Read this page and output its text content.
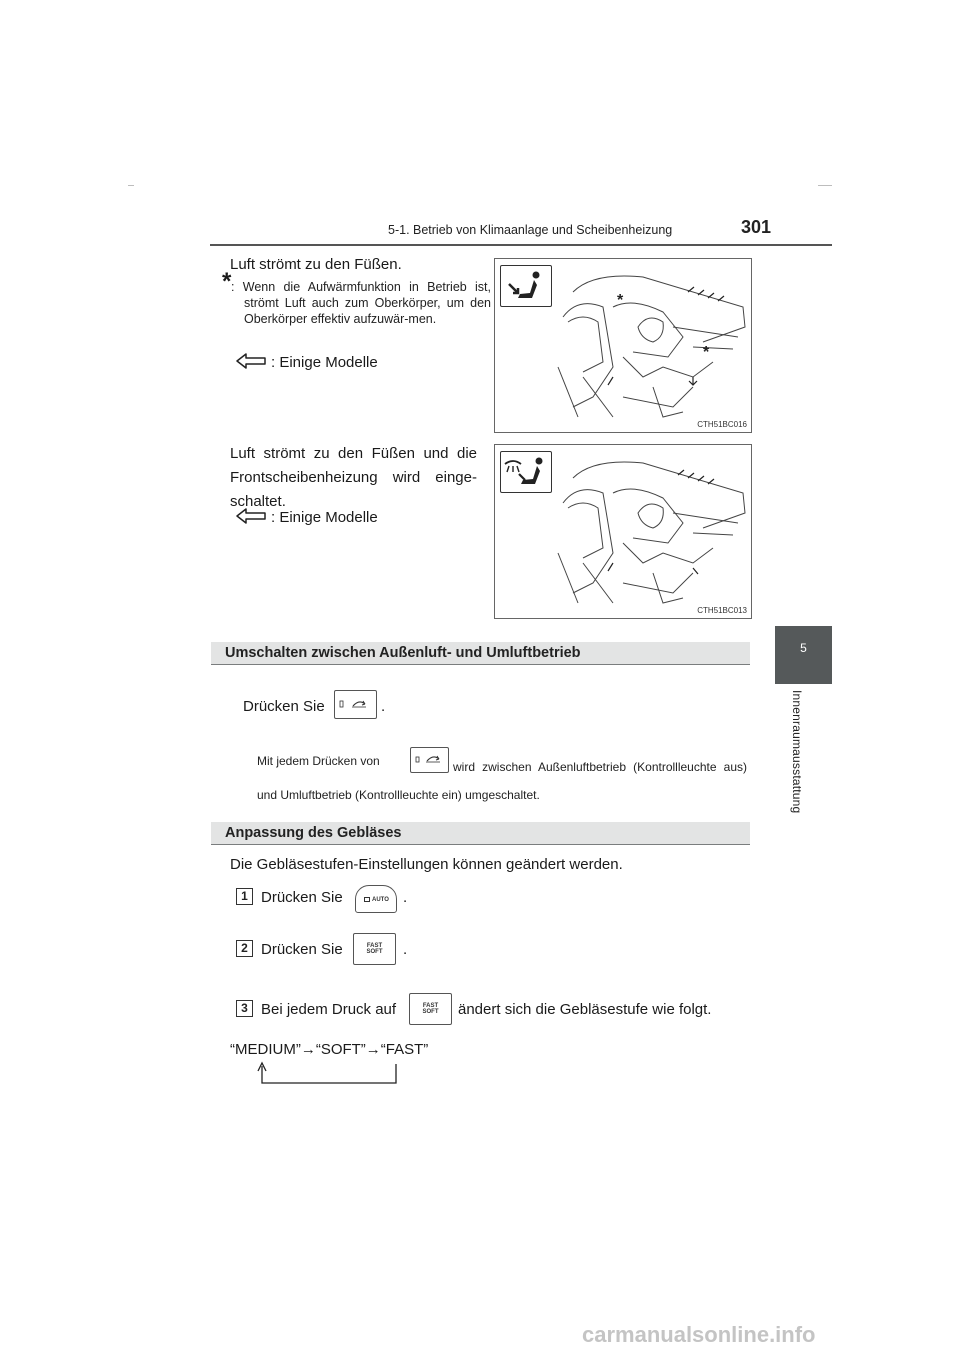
5-1. Betrieb von Klimaanlage und Scheibenheizung	301
5
Innenraumausstattung
Luft strömt zu den Füßen.
* : Wenn die Aufwärmfunktion in Betrieb ist, strömt Luft auch zum Oberkörper, um den Oberkörper effektiv aufzuwär-men.
: Einige Modelle
*
*
CTH51BC016
Luft strömt zu den Füßen und die Frontscheibenheizung wird einge-schaltet.
: Einige Modelle
CTH51BC013
Umschalten zwischen Außenluft- und Umluftbetrieb
Drücken Sie	.
Mit jedem Drücken von	wird zwischen Außenluftbetrieb (Kontrollleuchte aus) und Umluftbetrieb (Kontrollleuchte ein) umgeschaltet.
Anpassung des Gebläses
Die Gebläsestufen-Einstellungen können geändert werden.
1 Drücken Sie	AUTO .
2 Drücken Sie	FAST
SOFT	.
3 Bei jedem Druck auf	FAST
SOFT	ändert sich die Gebläsestufe wie folgt.
“MEDIUM”→“SOFT”→“FAST”
carmanualsonline.info
